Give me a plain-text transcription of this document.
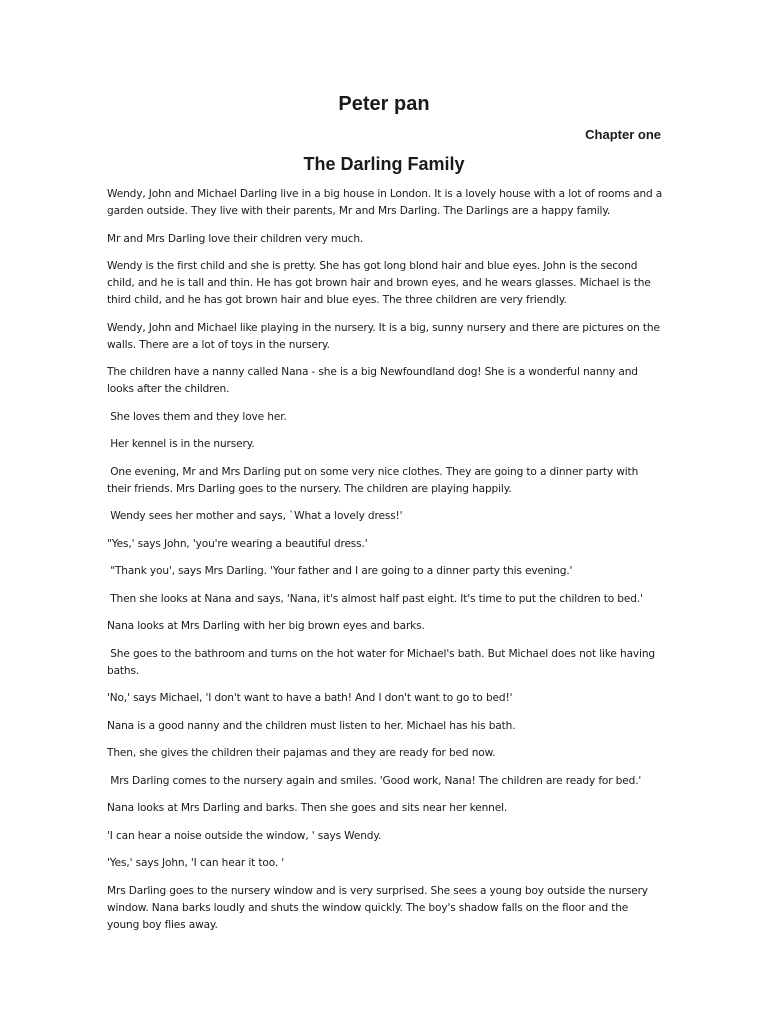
Peter pan
Chapter one
The Darling Family

Wendy, John and Michael Darling live in a big house in London. It is a lovely house with a lot of rooms and a garden outside. They live with their parents, Mr and Mrs Darling. The Darlings are a happy family.

Mr and Mrs Darling love their children very much.

Wendy is the first child and she is pretty. She has got long blond hair and blue eyes. John is the second child, and he is tall and thin. He has got brown hair and brown eyes, and he wears glasses. Michael is the third child, and he has got brown hair and blue eyes. The three children are very friendly.

Wendy, John and Michael like playing in the nursery. It is a big, sunny nursery and there are pictures on the walls. There are a lot of toys in the nursery.

The children have a nanny called Nana - she is a big Newfoundland dog! She is a wonderful nanny and looks after the children.

She loves them and they love her.

Her kennel is in the nursery.

One evening, Mr and Mrs Darling put on some very nice clothes. They are going to a dinner party with their friends. Mrs Darling goes to the nursery. The children are playing happily.

Wendy sees her mother and says, `What a lovely dress!'

"Yes,' says John, 'you're wearing a beautiful dress.'

"Thank you', says Mrs Darling. 'Your father and I are going to a dinner party this evening.'

Then she looks at Nana and says, 'Nana, it's almost half past eight. It's time to put the children to bed.'

Nana looks at Mrs Darling with her big brown eyes and barks.

She goes to the bathroom and turns on the hot water for Michael's bath. But Michael does not like having baths.

'No,' says Michael, 'I don't want to have a bath! And I don't want to go to bed!'

Nana is a good nanny and the children must listen to her. Michael has his bath.

Then, she gives the children their pajamas and they are ready for bed now.

Mrs Darling comes to the nursery again and smiles. 'Good work, Nana! The children are ready for bed.'

Nana looks at Mrs Darling and barks. Then she goes and sits near her kennel.

'I can hear a noise outside the window, ' says Wendy.

'Yes,' says John, 'I can hear it too. '

Mrs Darling goes to the nursery window and is very surprised. She sees a young boy outside the nursery window. Nana barks loudly and shuts the window quickly. The boy's shadow falls on the floor and the young boy flies away.
